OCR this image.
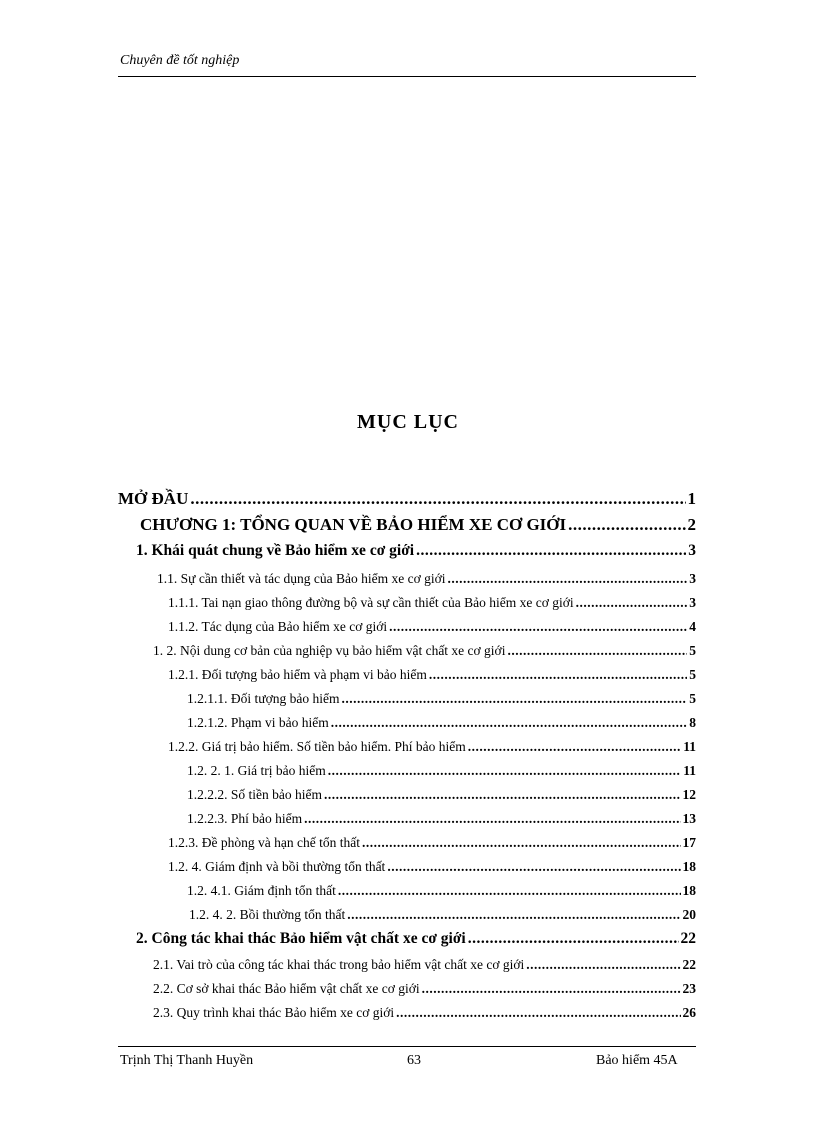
Chuyên đề tốt nghiệp
MỤC LỤC
MỞ ĐẦU .....	1
CHƯƠNG 1: TỔNG QUAN VỀ BẢO HIỂM XE CƠ GIỚI .....	2
1. Khái quát chung về Bảo hiểm xe cơ giới .....	3
1.1. Sự cần thiết và tác dụng của Bảo hiểm xe cơ giới .....	3
1.1.1. Tai nạn giao thông đường bộ và sự cần thiết của Bảo hiểm xe cơ giới .....	3
1.1.2. Tác dụng của Bảo hiểm xe cơ giới .....	4
1. 2. Nội dung cơ bản của nghiệp vụ bảo hiểm vật chất xe cơ giới .....	5
1.2.1. Đối tượng bảo hiểm và phạm vi bảo hiểm .....	5
1.2.1.1. Đối tượng bảo hiểm .....	5
1.2.1.2. Phạm vi bảo hiểm .....	8
1.2.2. Giá trị bảo hiểm. Số tiền bảo hiểm. Phí bảo hiểm .....	11
1.2. 2. 1. Giá trị bảo hiểm .....	11
1.2.2.2. Số tiền bảo hiểm .....	12
1.2.2.3. Phí bảo hiểm .....	13
1.2.3. Đề phòng và hạn chế tổn thất .....	17
1.2. 4. Giám định và bồi thường tổn thất .....	18
1.2. 4.1. Giám định tổn thất .....	18
1.2. 4. 2. Bồi thường tổn thất .....	20
2. Công tác khai thác Bảo hiểm vật chất xe cơ giới .....	22
2.1. Vai trò của công tác khai thác trong bảo hiểm vật chất xe cơ giới .....	22
2.2. Cơ sở khai thác Bảo hiểm vật chất xe cơ giới .....	23
2.3. Quy trình khai thác Bảo hiểm xe cơ giới .....	26
Trịnh Thị Thanh Huyền	63	Bảo hiểm 45A
